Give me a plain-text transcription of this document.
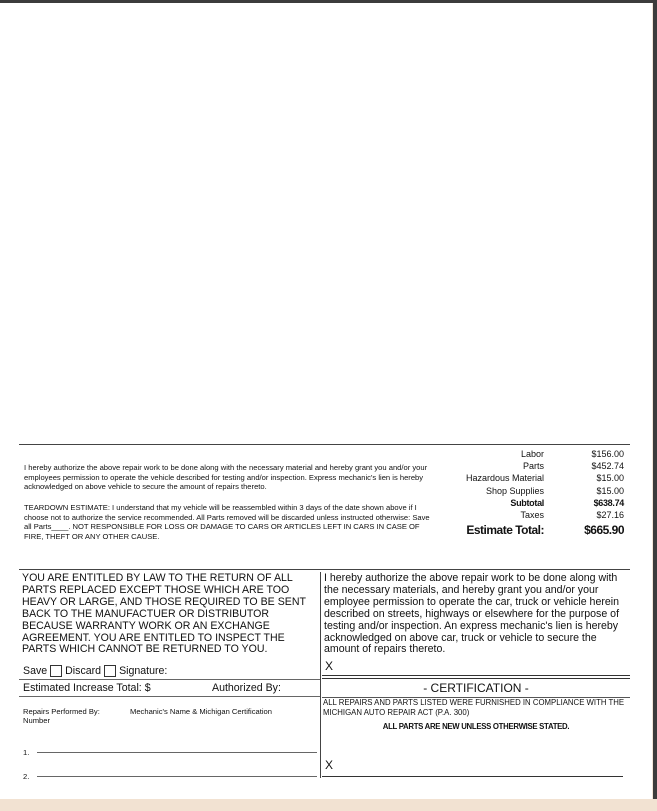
I hereby authorize the above repair work to be done along with the necessary material and hereby grant you and/or your employees permission to operate the vehicle described for testing and/or inspection. Express mechanic's lien is hereby acknowledged on above vehicle to secure the amount of repairs thereto.
TEARDOWN ESTIMATE: I understand that my vehicle will be reassembled within 3 days of the date shown above if I choose not to authorize the service recommended. All Parts removed will be discarded unless instructed otherwise: Save all Parts____. NOT RESPONSIBLE FOR LOSS OR DAMAGE TO CARS OR ARTICLES LEFT IN CARS IN CASE OF FIRE, THEFT OR ANY OTHER CAUSE.
Labor	$156.00
Parts	$452.74
Hazardous Material	$15.00
Shop Supplies	$15.00
Subtotal	$638.74
Taxes	$27.16
Estimate Total:	$665.90
YOU ARE ENTITLED BY LAW TO THE RETURN OF ALL PARTS REPLACED EXCEPT THOSE WHICH ARE TOO HEAVY OR LARGE, AND THOSE REQUIRED TO BE SENT BACK TO THE MANUFACTUER OR DISTRIBUTOR BECAUSE WARRANTY WORK OR AN EXCHANGE AGREEMENT. YOU ARE ENTITLED TO INSPECT THE PARTS WHICH CANNOT BE RETURNED TO YOU.
I hereby authorize the above repair work to be done along with the necessary materials, and hereby grant you and/or your employee permission to operate the car, truck or vehicle herein described on streets, highways or elsewhere for the purpose of testing and/or inspection. An express mechanic's lien is hereby acknowledged on above car, truck or vehicle to secure the amount of repairs thereto.
Save Discard Signature:
Estimated Increase Total: $	Authorized By:
Repairs Performed By: Number
Mechanic's Name & Michigan Certification
1.
2.
X
- CERTIFICATION -
ALL REPAIRS AND PARTS LISTED WERE FURNISHED IN COMPLIANCE WITH THE MICHIGAN AUTO REPAIR ACT (P.A. 300)
ALL PARTS ARE NEW UNLESS OTHERWISE STATED.
X
